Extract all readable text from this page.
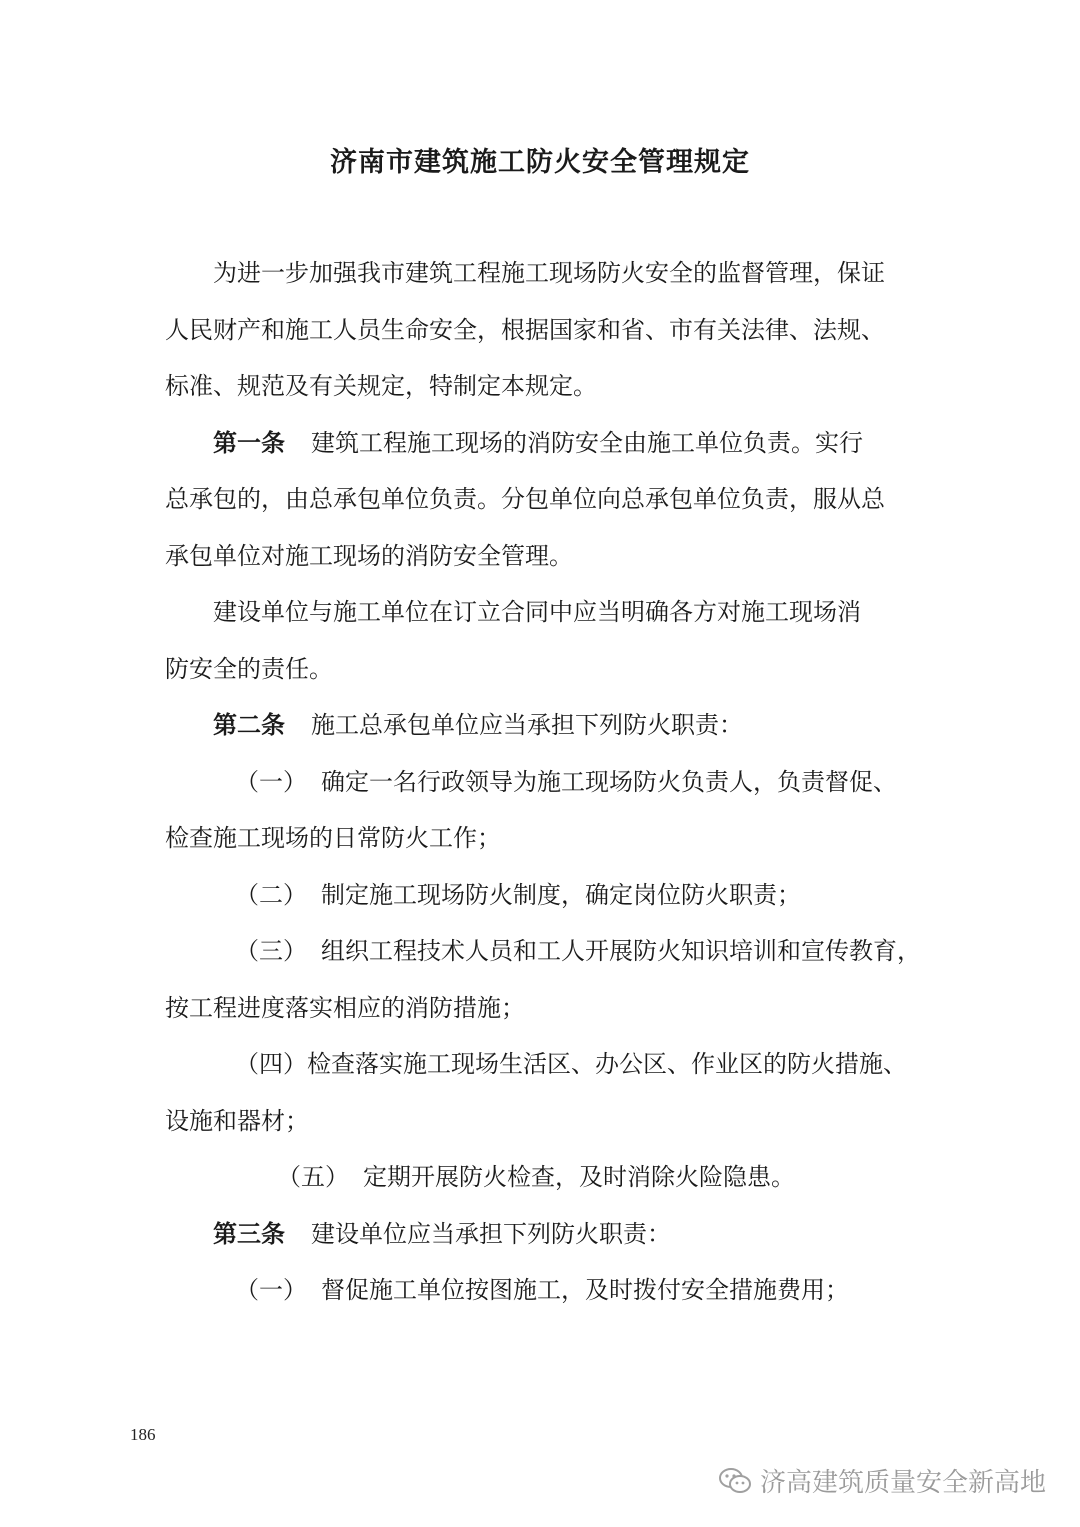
济南市建筑施工防火安全管理规定
为进一步加强我市建筑工程施工现场防火安全的监督管理，保证
人民财产和施工人员生命安全，根据国家和省、市有关法律、法规、
标准、规范及有关规定，特制定本规定。
第一条 建筑工程施工现场的消防安全由施工单位负责。实行
总承包的，由总承包单位负责。分包单位向总承包单位负责，服从总
承包单位对施工现场的消防安全管理。
建设单位与施工单位在订立合同中应当明确各方对施工现场消
防安全的责任。
第二条 施工总承包单位应当承担下列防火职责：
（一） 确定一名行政领导为施工现场防火负责人，负责督促、
检查施工现场的日常防火工作；
（二） 制定施工现场防火制度，确定岗位防火职责；
（三） 组织工程技术人员和工人开展防火知识培训和宣传教育，
按工程进度落实相应的消防措施；
（四）检查落实施工现场生活区、办公区、作业区的防火措施、
设施和器材；
（五） 定期开展防火检查，及时消除火险隐患。
第三条 建设单位应当承担下列防火职责：
（一） 督促施工单位按图施工，及时拨付安全措施费用；
186
济高建筑质量安全新高地
